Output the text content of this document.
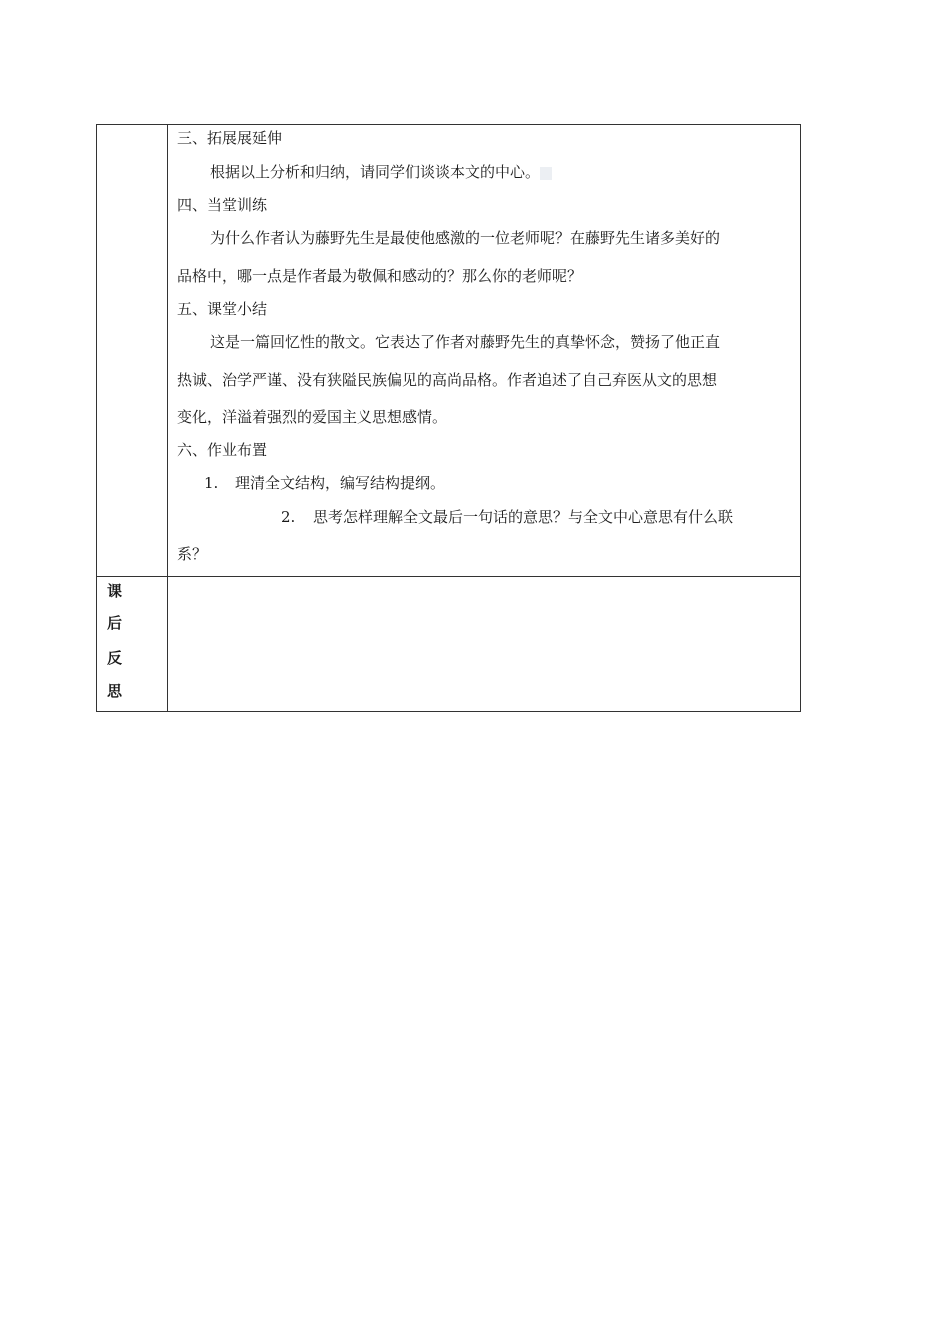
三、拓展展延伸
根据以上分析和归纳，请同学们谈谈本文的中心。
四、当堂训练
为什么作者认为藤野先生是最使他感激的一位老师呢？在藤野先生诸多美好的
品格中，哪一点是作者最为敬佩和感动的？那么你的老师呢？
五、课堂小结
这是一篇回忆性的散文。它表达了作者对藤野先生的真挚怀念，赞扬了他正直
热诚、治学严谨、没有狭隘民族偏见的高尚品格。作者追述了自己弃医从文的思想
变化，洋溢着强烈的爱国主义思想感情。
六、作业布置
1. 理清全文结构，编写结构提纲。
2. 思考怎样理解全文最后一句话的意思？与全文中心意思有什么联
系？
课
后
反
思
